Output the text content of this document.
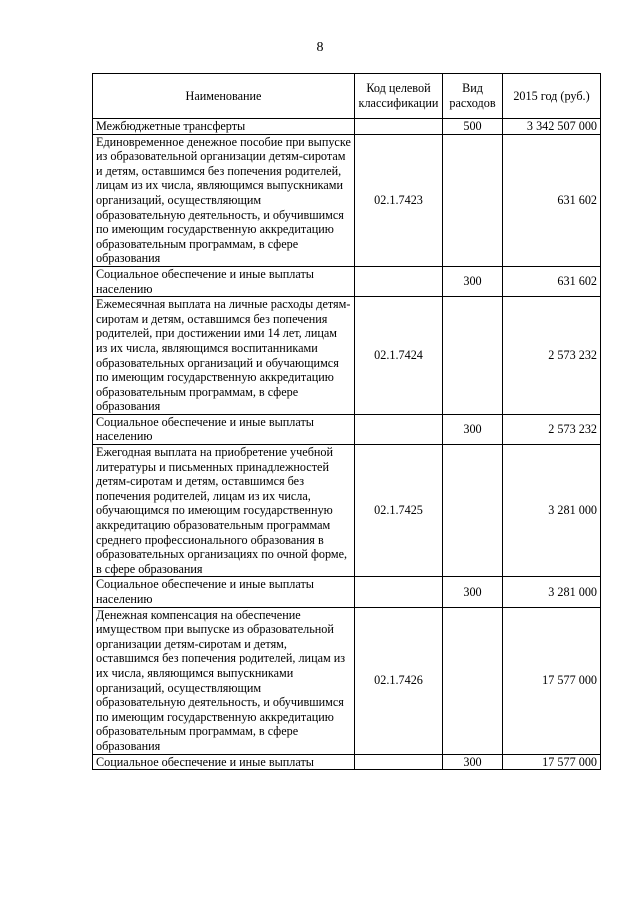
8
Наименование	Код целевой классификации	Вид расходов	2015 год (руб.)
Межбюджетные трансферты		500	3 342 507 000
Единовременное денежное пособие при выпуске из образовательной организации детям-сиротам и детям, оставшимся без попечения родителей, лицам из их числа, являющимся выпускниками организаций, осуществляющим образовательную деятельность, и обучившимся по имеющим государственную аккредитацию образовательным программам, в сфере образования	02.1.7423		631 602
Социальное обеспечение и иные выплаты населению		300	631 602
Ежемесячная выплата на личные расходы детям-сиротам и детям, оставшимся без попечения родителей, при достижении ими 14 лет, лицам из их числа, являющимся воспитанниками образовательных организаций и обучающимся по имеющим государственную аккредитацию образовательным программам, в сфере образования	02.1.7424		2 573 232
Социальное обеспечение и иные выплаты населению		300	2 573 232
Ежегодная выплата на приобретение учебной литературы и письменных принадлежностей детям-сиротам и детям, оставшимся без попечения родителей, лицам из их числа, обучающимся по имеющим государственную аккредитацию образовательным программам среднего профессионального образования в образовательных организациях по очной форме, в сфере образования	02.1.7425		3 281 000
Социальное обеспечение и иные выплаты населению		300	3 281 000
Денежная компенсация на обеспечение имуществом при выпуске из образовательной организации детям-сиротам и детям, оставшимся без попечения родителей, лицам из их числа, являющимся выпускниками организаций, осуществляющим образовательную деятельность, и обучившимся по имеющим государственную аккредитацию образовательным программам, в сфере образования	02.1.7426		17 577 000
Социальное обеспечение и иные выплаты		300	17 577 000
